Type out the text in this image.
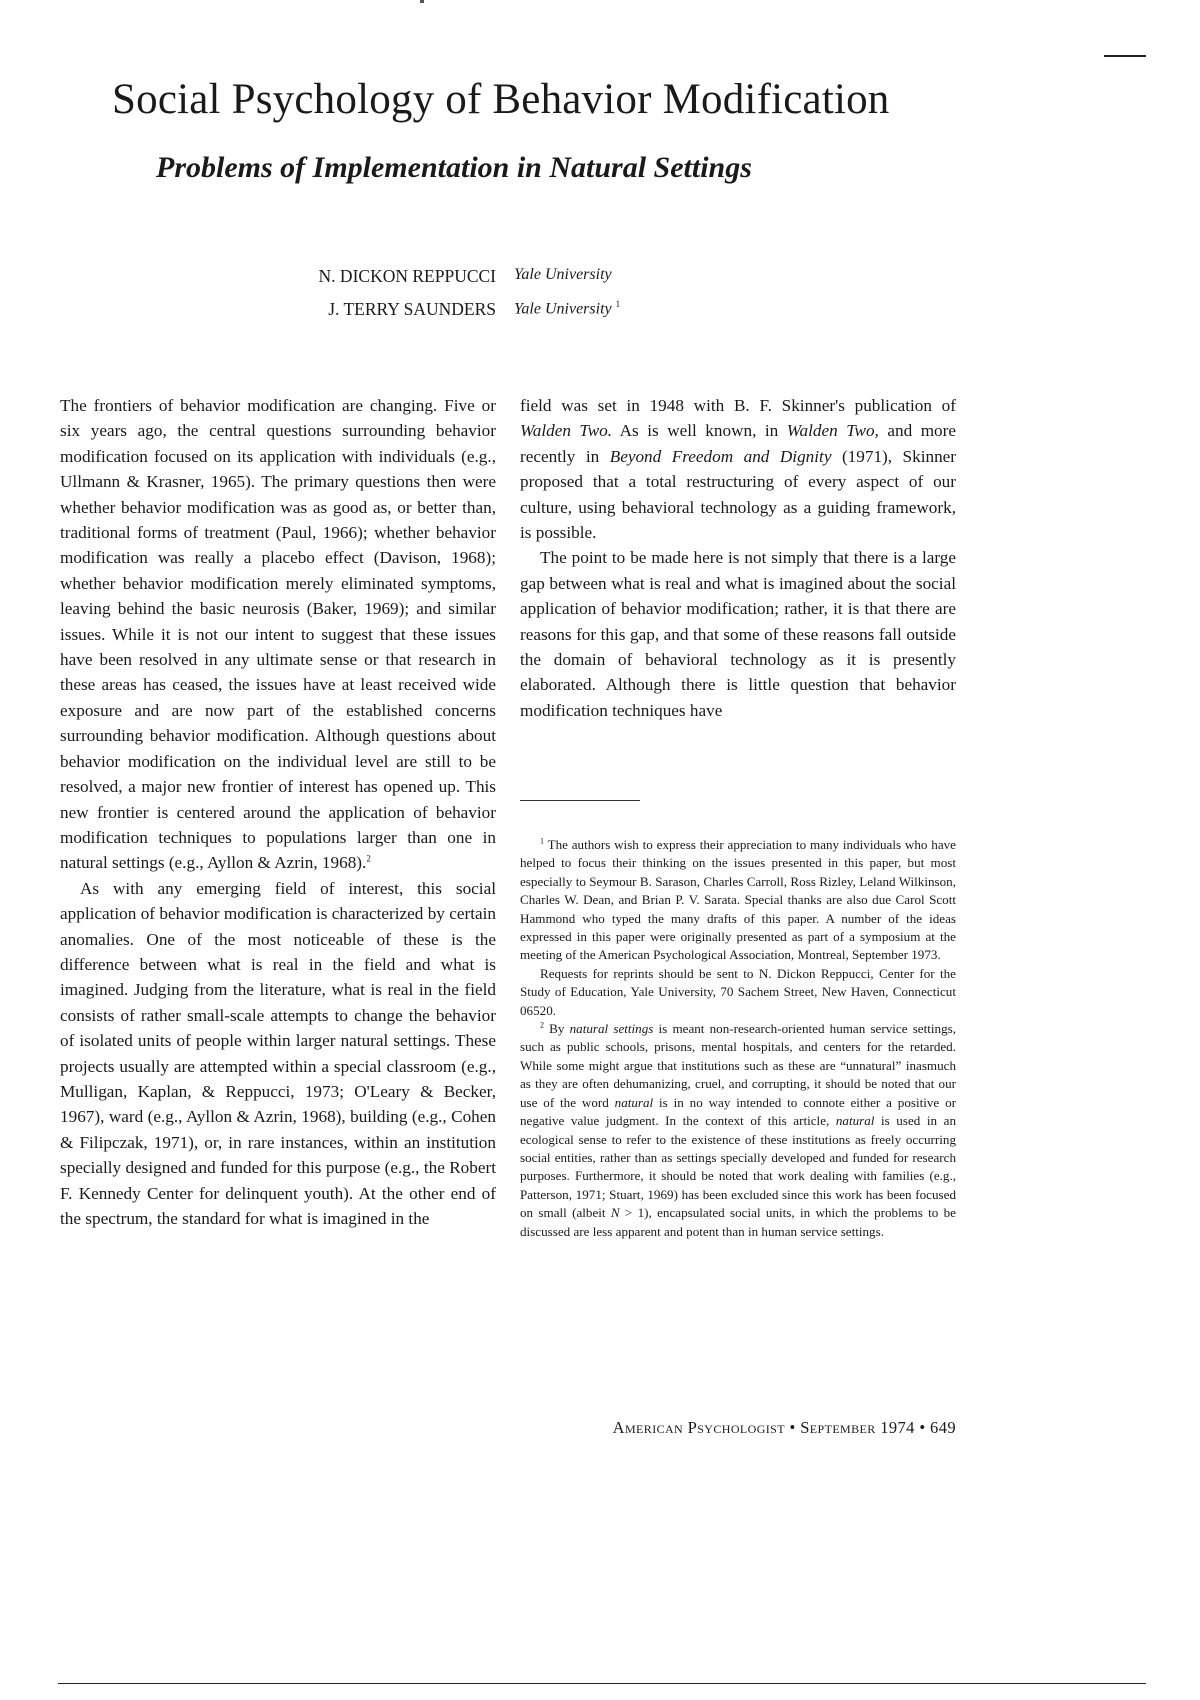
Social Psychology of Behavior Modification
Problems of Implementation in Natural Settings
N. DICKON REPPUCCI Yale University
J. TERRY SAUNDERS Yale University $^1$

The frontiers of behavior modification are changing. Five or six years ago, the central questions surrounding behavior modification focused on its application with individuals (e.g., Ullmann & Krasner, 1965). The primary questions then were whether behavior modification was as good as, or better than, traditional forms of treatment (Paul, 1966); whether behavior modification was really a placebo effect (Davison, 1968); whether behavior modification merely eliminated symptoms, leaving behind the basic neurosis (Baker, 1969); and similar issues. While it is not our intent to suggest that these issues have been resolved in any ultimate sense or that research in these areas has ceased, the issues have at least received wide exposure and are now part of the established concerns surrounding behavior modification. Although questions about behavior modification on the individual level are still to be resolved, a major new frontier of interest has opened up. This new frontier is centered around the application of behavior modification techniques to populations larger than one in natural settings (e.g., Ayllon & Azrin, 1968).$^2$

As with any emerging field of interest, this social application of behavior modification is characterized by certain anomalies. One of the most noticeable of these is the difference between what is real in the field and what is imagined. Judging from the literature, what is real in the field consists of rather small-scale attempts to change the behavior of isolated units of people within larger natural settings. These projects usually are attempted within a special classroom (e.g., Mulligan, Kaplan, & Reppucci, 1973; O'Leary & Becker, 1967), ward (e.g., Ayllon & Azrin, 1968), building (e.g., Cohen & Filipczak, 1971), or, in rare instances, within an institution specially designed and funded for this purpose (e.g., the Robert F. Kennedy Center for delinquent youth). At the other end of the spectrum, the standard for what is imagined in the

field was set in 1948 with B. F. Skinner's publication of Walden Two. As is well known, in Walden Two, and more recently in Beyond Freedom and Dignity (1971), Skinner proposed that a total restructuring of every aspect of our culture, using behavioral technology as a guiding framework, is possible.

The point to be made here is not simply that there is a large gap between what is real and what is imagined about the social application of behavior modification; rather, it is that there are reasons for this gap, and that some of these reasons fall outside the domain of behavioral technology as it is presently elaborated. Although there is little question that behavior modification techniques have

$^1$ The authors wish to express their appreciation to many individuals who have helped to focus their thinking on the issues presented in this paper, but most especially to Seymour B. Sarason, Charles Carroll, Ross Rizley, Leland Wilkinson, Charles W. Dean, and Brian P. V. Sarata. Special thanks are also due Carol Scott Hammond who typed the many drafts of this paper. A number of the ideas expressed in this paper were originally presented as part of a symposium at the meeting of the American Psychological Association, Montreal, September 1973.

Requests for reprints should be sent to N. Dickon Reppucci, Center for the Study of Education, Yale University, 70 Sachem Street, New Haven, Connecticut 06520.

$^2$ By natural settings is meant non-research-oriented human service settings, such as public schools, prisons, mental hospitals, and centers for the retarded. While some might argue that institutions such as these are “unnatural” inasmuch as they are often dehumanizing, cruel, and corrupting, it should be noted that our use of the word natural is in no way intended to connote either a positive or negative value judgment. In the context of this article, natural is used in an ecological sense to refer to the existence of these institutions as freely occurring social entities, rather than as settings specially developed and funded for research purposes. Furthermore, it should be noted that work dealing with families (e.g., Patterson, 1971; Stuart, 1969) has been excluded since this work has been focused on small (albeit N > 1), encapsulated social units, in which the problems to be discussed are less apparent and potent than in human service settings.

American Psychologist • September 1974 • 649
